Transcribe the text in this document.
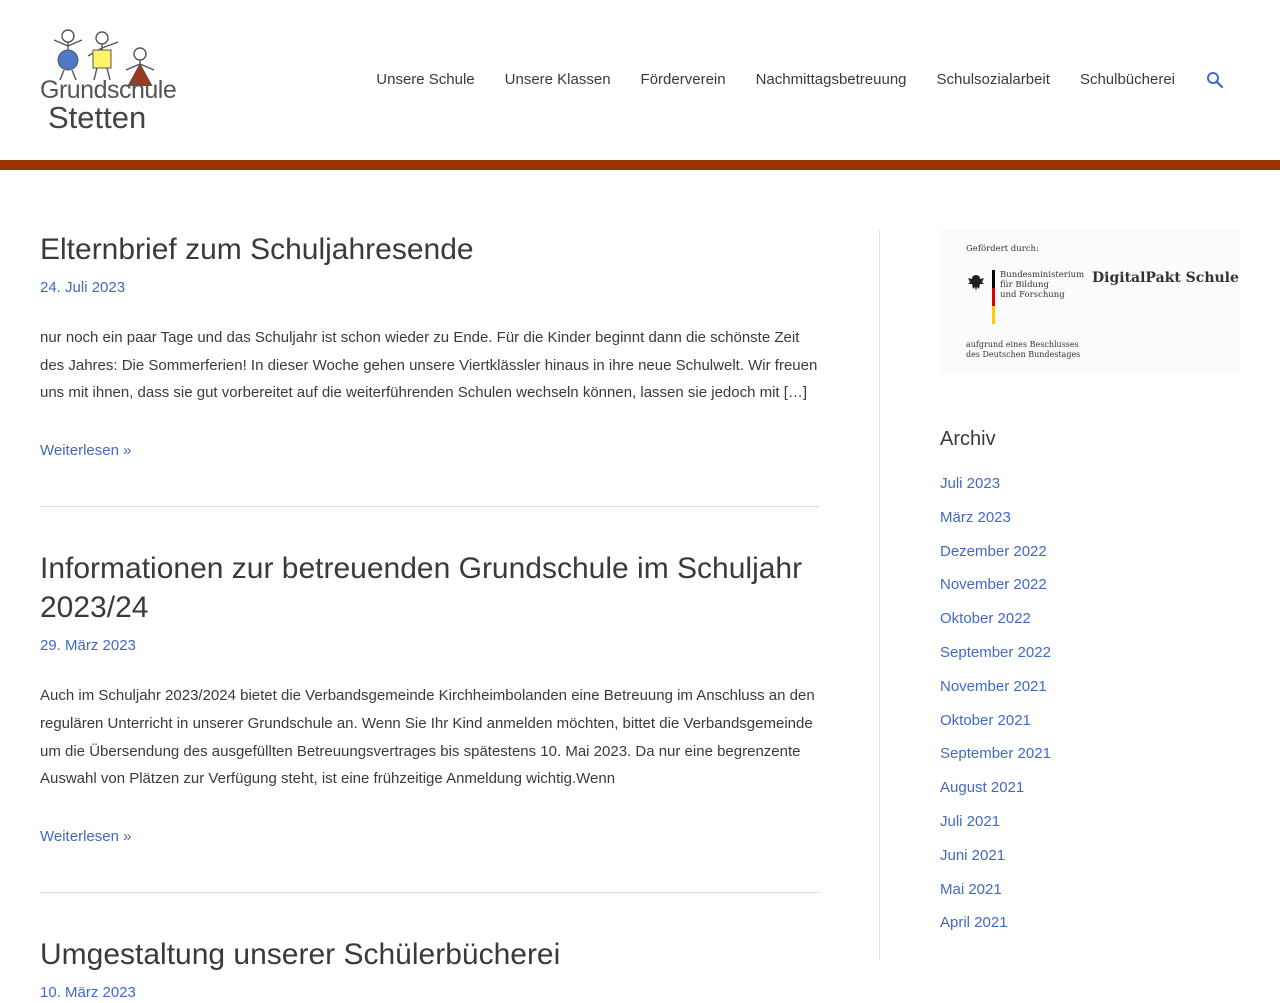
Grundschule
Stetten
Unsere Schule Unsere Klassen Förderverein Nachmittagsbetreuung Schulsozialarbeit Schulbücherei
Elternbrief zum Schuljahresende
24. Juli 2023

nur noch ein paar Tage und das Schuljahr ist schon wieder zu Ende. Für die Kinder beginnt dann die schönste Zeit des Jahres: Die Sommerferien! In dieser Woche gehen unsere Viertklässler hinaus in ihre neue Schulwelt. Wir freuen uns mit ihnen, dass sie gut vorbereitet auf die weiterführenden Schulen wechseln können, lassen sie jedoch mit […]

Weiterlesen »
Informationen zur betreuenden Grundschule im Schuljahr 2023/24
29. März 2023

Auch im Schuljahr 2023/2024 bietet die Verbandsgemeinde Kirchheimbolanden eine Betreuung im Anschluss an den regulären Unterricht in unserer Grundschule an. Wenn Sie Ihr Kind anmelden möchten, bittet die Verbandsgemeinde um die Übersendung des ausgefüllten Betreuungsvertrages bis spätestens 10. Mai 2023. Da nur eine begrenzente Auswahl von Plätzen zur Verfügung steht, ist eine frühzeitige Anmeldung wichtig.Wenn

Weiterlesen »
Umgestaltung unserer Schülerbücherei
10. März 2023
Gefördert durch:
Bundesministerium
für Bildung
und Forschung
DigitalPakt Schule
aufgrund eines Beschlusses
des Deutschen Bundestages
Archiv
Juli 2023
März 2023
Dezember 2022
November 2022
Oktober 2022
September 2022
November 2021
Oktober 2021
September 2021
August 2021
Juli 2021
Juni 2021
Mai 2021
April 2021
